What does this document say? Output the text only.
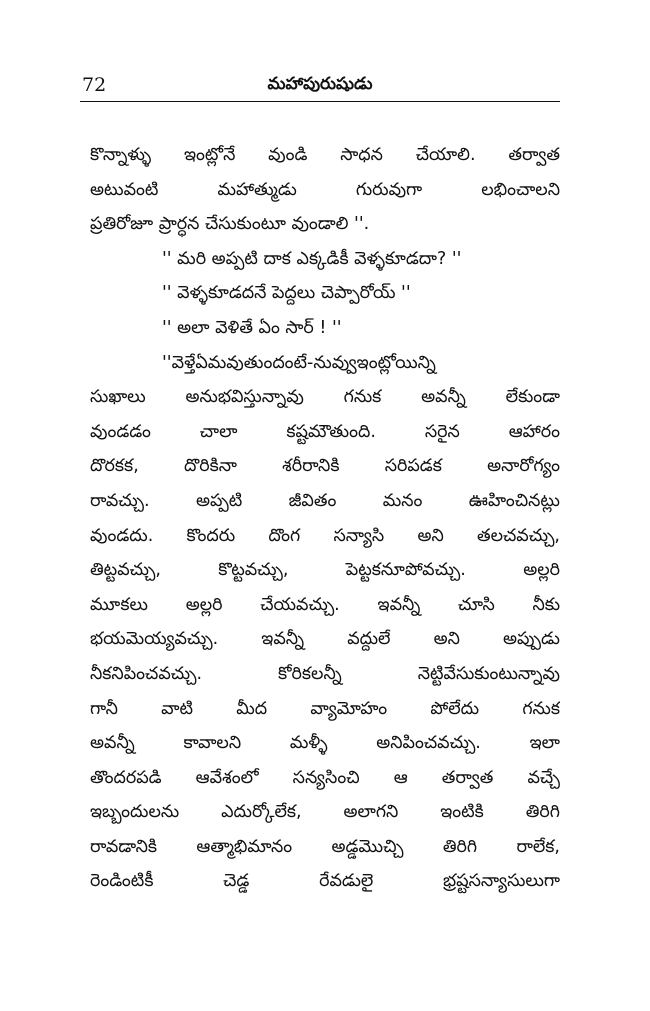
72	మహాపురుషుడు
కొన్నాళ్ళు ఇంట్లోనే వుండి సాధన చేయాలి. తర్వాత
అటువంటి మహాత్ముడు గురువుగా లభించాలని
ప్రతిరోజూ ప్రార్ధన చేసుకుంటూ వుండాలి ''.
'' మరి అప్పటి దాక ఎక్కడికీ వెళ్ళకూడదా? ''
'' వెళ్ళకూడదనే పెద్దలు చెప్పారోయ్ ''
'' అలా వెళితే ఏం సార్ ! ''
''వెళ్తేఏమవుతుందంటే-నువ్వుఇంట్లోయిన్ని
సుఖాలు అనుభవిస్తున్నావు గనుక అవన్నీ లేకుండా
వుండడం చాలా కష్టమౌతుంది. సరైన ఆహారం
దొరకక, దొరికినా శరీరానికి సరిపడక అనారోగ్యం
రావచ్చు. అప్పటి జీవితం మనం ఊహించినట్లు
వుండదు. కొందరు దొంగ సన్యాసి అని తలచవచ్చు,
తిట్టవచ్చు, కొట్టవచ్చు, పెట్టకనూపోవచ్చు. అల్లరి
మూకలు అల్లరి చేయవచ్చు. ఇవన్నీ చూసి నీకు
భయమెయ్యవచ్చు. ఇవన్నీ వద్దులే అని అప్పుడు
నీకనిపించవచ్చు. కోరికలన్నీ నెట్టివేసుకుంటున్నావు
గానీ వాటి మీద వ్యామోహం పోలేదు గనుక
అవన్నీ కావాలని మళ్ళీ అనిపించవచ్చు. ఇలా
తొందరపడి ఆవేశంలో సన్యసించి ఆ తర్వాత వచ్చే
ఇబ్బందులను ఎదుర్కోలేక, అలాగని ఇంటికి తిరిగి
రావడానికి ఆత్మాభిమానం అడ్డమొచ్చి తిరిగి రాలేక,
రెండింటికీ చెడ్డ రేవడులై భ్రష్టసన్యాసులుగా
